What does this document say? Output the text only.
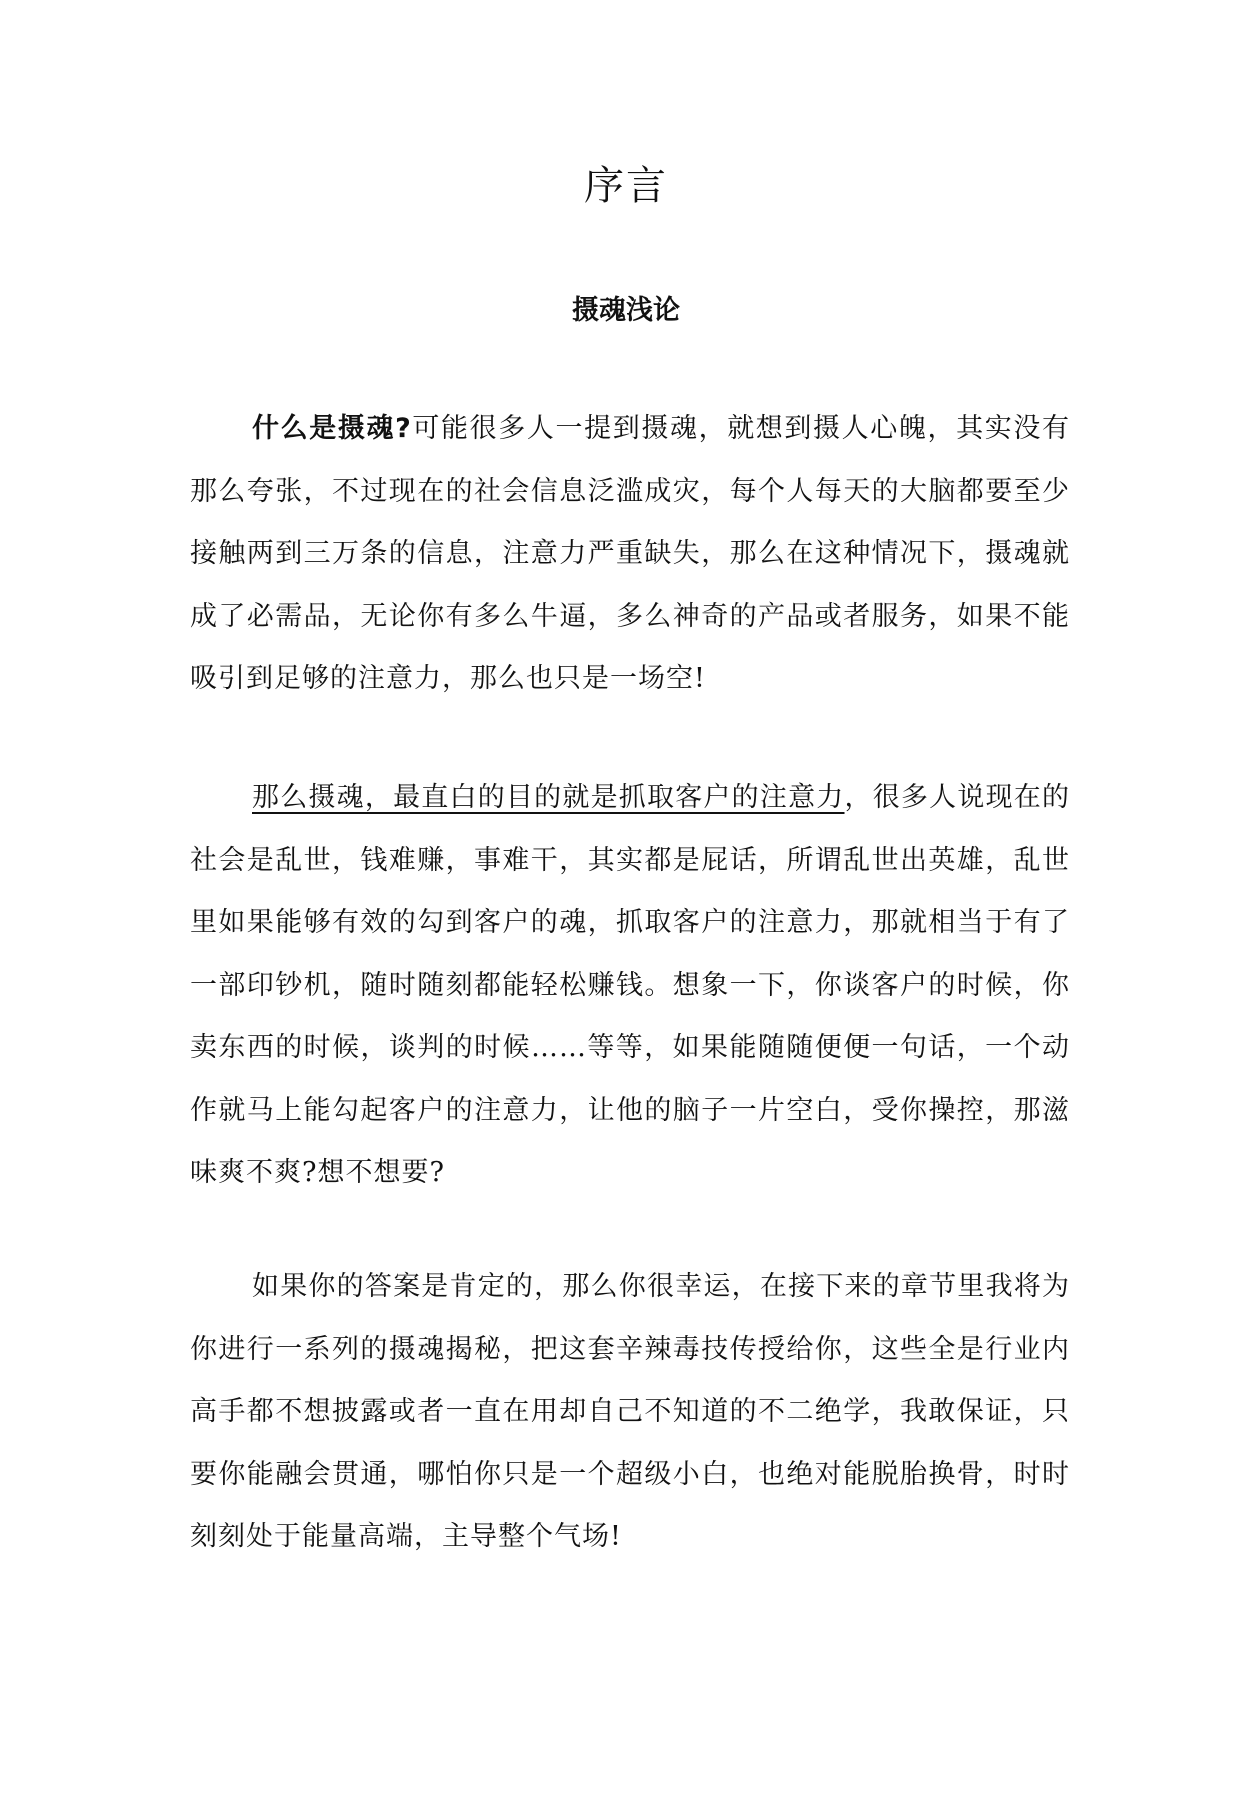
序言
摄魂浅论

什么是摄魂?可能很多人一提到摄魂，就想到摄人心魄，其实没有那么夸张，不过现在的社会信息泛滥成灾，每个人每天的大脑都要至少接触两到三万条的信息，注意力严重缺失，那么在这种情况下，摄魂就成了必需品，无论你有多么牛逼，多么神奇的产品或者服务，如果不能吸引到足够的注意力，那么也只是一场空!

那么摄魂，最直白的目的就是抓取客户的注意力，很多人说现在的社会是乱世，钱难赚，事难干，其实都是屁话，所谓乱世出英雄，乱世里如果能够有效的勾到客户的魂，抓取客户的注意力，那就相当于有了一部印钞机，随时随刻都能轻松赚钱。想象一下，你谈客户的时候，你卖东西的时候，谈判的时候……等等，如果能随随便便一句话，一个动作就马上能勾起客户的注意力，让他的脑子一片空白，受你操控，那滋味爽不爽?想不想要?

如果你的答案是肯定的，那么你很幸运，在接下来的章节里我将为你进行一系列的摄魂揭秘，把这套辛辣毒技传授给你，这些全是行业内高手都不想披露或者一直在用却自己不知道的不二绝学，我敢保证，只要你能融会贯通，哪怕你只是一个超级小白，也绝对能脱胎换骨，时时刻刻处于能量高端，主导整个气场!
